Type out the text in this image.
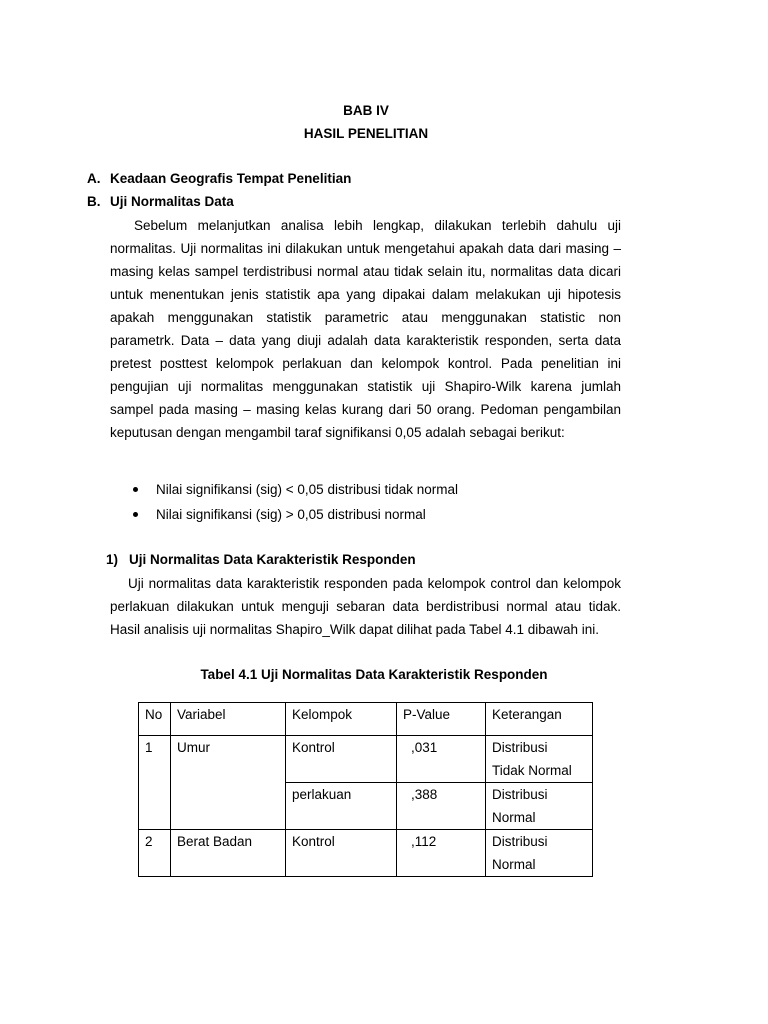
BAB IV
HASIL PENELITIAN
A. Keadaan Geografis Tempat Penelitian
B. Uji Normalitas Data
Sebelum melanjutkan analisa lebih lengkap, dilakukan terlebih dahulu uji normalitas. Uji normalitas ini dilakukan untuk mengetahui apakah data dari masing – masing kelas sampel terdistribusi normal atau tidak selain itu, normalitas data dicari untuk menentukan jenis statistik apa yang dipakai dalam melakukan uji hipotesis apakah menggunakan statistik parametric atau menggunakan statistic non parametrk. Data – data yang diuji adalah data karakteristik responden, serta data pretest posttest kelompok perlakuan dan kelompok kontrol. Pada penelitian ini pengujian uji normalitas menggunakan statistik uji Shapiro-Wilk karena jumlah sampel pada masing – masing kelas kurang dari 50 orang. Pedoman pengambilan keputusan dengan mengambil taraf signifikansi 0,05 adalah sebagai berikut:
Nilai signifikansi (sig) < 0,05 distribusi tidak normal
Nilai signifikansi (sig) > 0,05 distribusi normal
1) Uji Normalitas Data Karakteristik Responden
Uji normalitas data karakteristik responden pada kelompok control dan kelompok perlakuan dilakukan untuk menguji sebaran data berdistribusi normal atau tidak. Hasil analisis uji normalitas Shapiro_Wilk dapat dilihat pada Tabel 4.1 dibawah ini.
Tabel 4.1 Uji Normalitas Data Karakteristik Responden
No	Variabel	Kelompok	P-Value	Keterangan
1	Umur	Kontrol	,031	Distribusi
Tidak Normal
		perlakuan	,388	Distribusi
Normal
2	Berat Badan	Kontrol	,112	Distribusi
Normal
